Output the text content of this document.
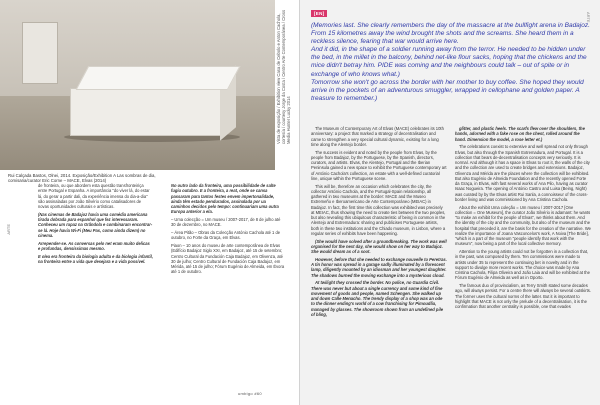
Vista de exposição / Exhibition view Casa de Cebolo e Anton Cachola, cortesía / courtesy Jorge da Costa / Centro Arte Contemporánea / Cross Media Hunter Lucky 2014
Rui Calçada Bastos, Olnei, 2014. Exposição/Exhibition A Las sombras de dia, comisaria/curator Eric Corne – MACE, Elvas (2014)
ARTE

de fronteira, ou que abordem esta questão transfronteiriça entre Portugal e Espanha. A importância "do viver lá, do estar lá, do gerar a partir dali, da experiência imensa do dia-a-dia" são assinaladas por João Silvério como catalisadores de novas oportunidades culturais e artísticas.

(Nas cinemas de Badajoz havia uma comédia americana tirada dobrada para espanhol que fez interessaram. Conheceu um rapaz na Grândola e combinaram encontrar-se lá. Hoje havia Wi-Fi (Meu Pas, como ainda dizem) no cinema.

Arrepender-se. As conversas pelo net eram muito delicas e profundas, densíssimas mesmo.

E olea era fronteira da biologia adulta e da biologia infantil, na fronteira entre a vida que desejara e a vida possível.

No outro lado da fronteira, uma possibilidade de salte fugiu outubro. E a fronteira, a reat, onde se cansa passaram para tantos festes envem impertonalidade, ainda têm estado pendurados, assinalada por ua caminhos decidos pelo tempo: continuariam uma outra Europa anterior a ela.

– Uma colecção = Um museu / 2007-2017, de 8 de julho até 30 de dezembro, no MACE.

– Área Pitão – Obras da Colecção António Cachola até 1 de outubro, no Forte da Graça, em Elvas.

Piaon – 10 anos do museu de arte contemporânea de Elvas (Edifício Badajoz Siglo XXI, em Badajoz, até 15 de setembro; Centro Cultural da Fundación Caja Badajoz, em Olivenza, até 30 de julho; Centro Cultural de Fundación Caja Badajoz, em Mérida, até 15 de julho; Fórum Eugénio de Almeida, em Évora até 1 de outubro.

umbigo #60
[EN]	ARTE

(Memories last. She clearly remembers the day of the massacre at the bullfight arena in Badajoz. From 15 kilometres away the wind brought the shots and the screams. She heard them in a reckless silence, fearing that war would arrive here.

And it did, in the shape of a soldier running away from the terror. He needed to be hidden under the bed, in the millet in the balcony, behind net-like flour sacks, hoping that the chickens and the mice didn't betray him. PIDE was coming and the neighbours could talk – out of spite or in exchange of who knows what.)

Tomorrow she won't go across the border with her mother to buy coffee. She hoped they would arrive in the pockets of an adventurous smuggler, wrapped in cellophane and golden paper. A treasure to remember.)

The Museum of Contemporary Art of Elvas (MACE) celebrates its 10th anniversary: a project that marked a strategy of decentralisation and came to strengthen a very special cultural dynamic, existing for a long time along the Alentejo border.

The success is evident and noted by the people from Elvas, by the people from Badajoz, by the Portuguese, by the Spanish, directors, curators, and artists. Elvas, the Alentejo, Portugal and the Iberian Peninsula gained a new space to exhibit the Portuguese contemporary art of António Cachola's collection, an estate with a well-defined curatorial line, unique within the Portuguese scene.

This will be, therefore an occasion which celebrates the city, the collector António Cachola, and the Portugal-Spain relationship, all gathered in two museums at the border: MACE and the Museo Extremeño e Iberoamericano de Arte Contemporáneo (MEIAC) in Badajoz. In fact, the first time this collection was exhibited was precisely at MEIAC, thus showing the need to create ties between the two peoples, but also revealing this ubiquitous characteristic of being in common in the Alentejo and Extremadura: sharing and publicises Portuguese artists, both in these two institutions and the Chiado museum, in Lisbon, where a regular series of exhibits have been happening.

(She would have solved after a groundbreaking. The work was well organised for the next day, she would show on her way to Badajoz. She would dream as of a soot.

However, before that she needed to exchange nouvelle to Peretras. A tin honor was spread in a garage sadly illuminated by a florescent lamp, diligently mounted by an idiosman and her youngest daughter. The shadows burned the moving exchange into a mysterious cloud.

At twilight they crossed the border. No police, no Guardia Civil. There was never but about a single currency and some kind of fine movement of goods and people, named Schengen. She walked up and down Calle Menacho. The trendy display of a shop was an ode to the dinner ending's world of a cow franchising for Pimoudlia, managed by glasses. The showroom shown from an undefined pile of bling,

glitter, and plastic heels. The scarfs flew over the shoulders, the hands, adorned with a fake rose on the chest, rolled around the hand. Dimension the model, a rose letter et.)

The celebrations coexist to extensive and well spread not only through Elvas, but also through the Spanish Extremadura, and Portugal. It is a collection that bears de-decentralisation concepts very seriously. It is normal. And although it has a space in Elvas to root it, the walls of the city and the collection are used to create bridges and extensions. Badajoz, Olivenza and Mérida are the places where the collection will be exhibited. But also Eugénio de Almeida Foundation and the recently opened Forte da Graça, in Elvas, with fast several works of Ana Pilo, having as curator Isaac Nogueira. The opening of António Castro and Luisa (Being, Night) was curated by by the Elvas artist Rui Sanla, a connoisseur of the cross-border living and was commissioned by Ana Cristina Cachola.

About the exhibit Uma coleção = Um museu / 2007-2017 [One collection = One Museum], the curator João Silvério is adamant: he wants "to make an exhibit for the people of Elvas", we thinks about them. And the identity of the city and the community, but also of the museum and the hospital that preceded it, are the basis for the creation of the narrative. We realize the importance of Joana Vasconcelos's work, A Noiva [The Bride], "which is a part of the museum "people identify that work with the museum", now being a part of the local collective memory.

Attention to the young artists could not be forgotten in a collection that, in the past, was composed by them. Ten commissions were made to artists under 35 to represent the continuing bet in novelty and in the support to divulge more recent works. The choice was made by Ana Cristina Cachola, Filipa Oliveira and João Laia and will be exhibited at the Fórum Eugénio de Almeida as well as in Oporto.

The famous duo of provincialism, as Terry Smith stated some decades ago, will always persist. For a centre there will always be several outskirts. The former uses the cultural norms of the latter. But it is important to highlight that MACE is not only the prelude of a decentralisation, it is the confirmation that another centrality is possible, one that evades
